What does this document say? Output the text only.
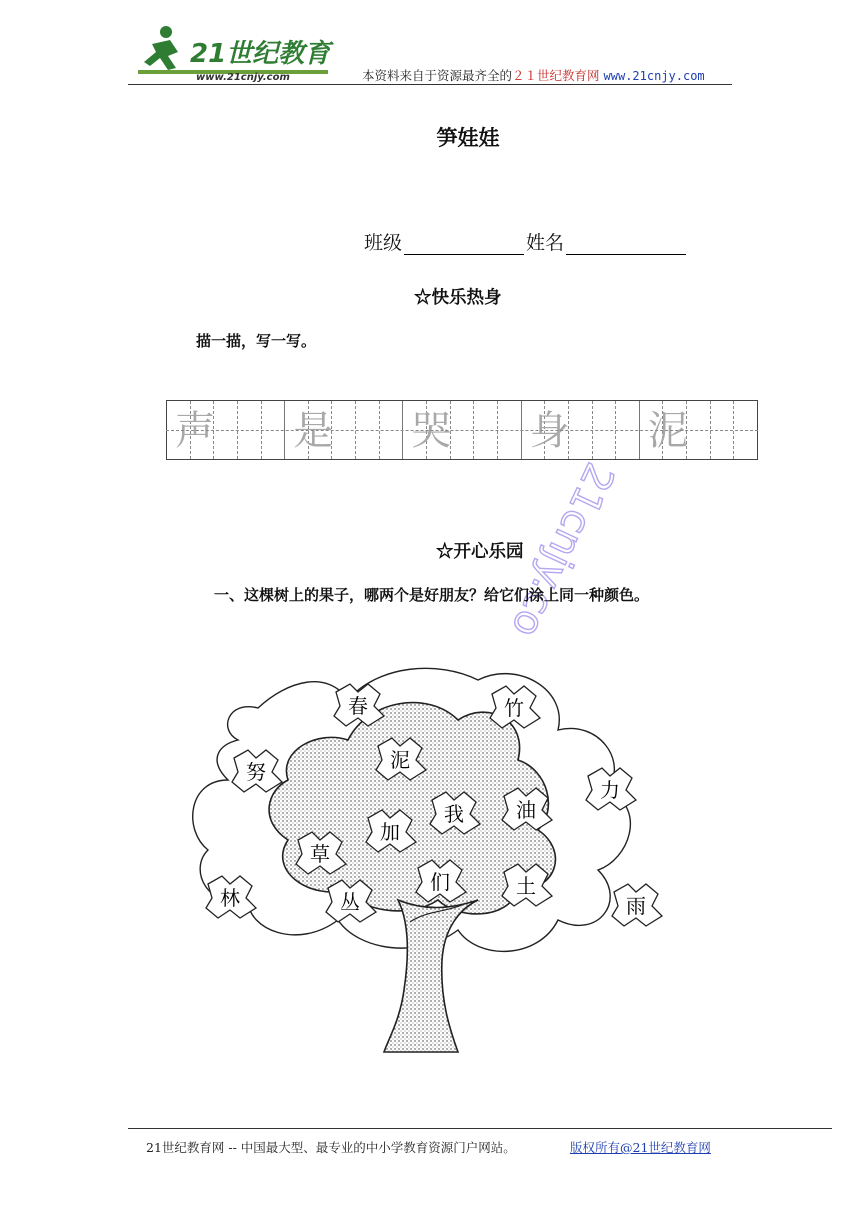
21世纪教育
www.21cnjy.com	本资料来自于资源最齐全的２１世纪教育网 www.21cnjy.com
笋娃娃
班级	姓名
☆快乐热身
描一描，写一写。
声 是 哭 身 泥
21cnjy.co
☆开心乐园
一、这棵树上的果子，哪两个是好朋友？给它们涂上同一种颜色。
春	竹
努	泥
力
我	油
加
草
们	土
林	丛	雨
21世纪教育网 -- 中国最大型、最专业的中小学教育资源门户网站。	版权所有@21世纪教育网
